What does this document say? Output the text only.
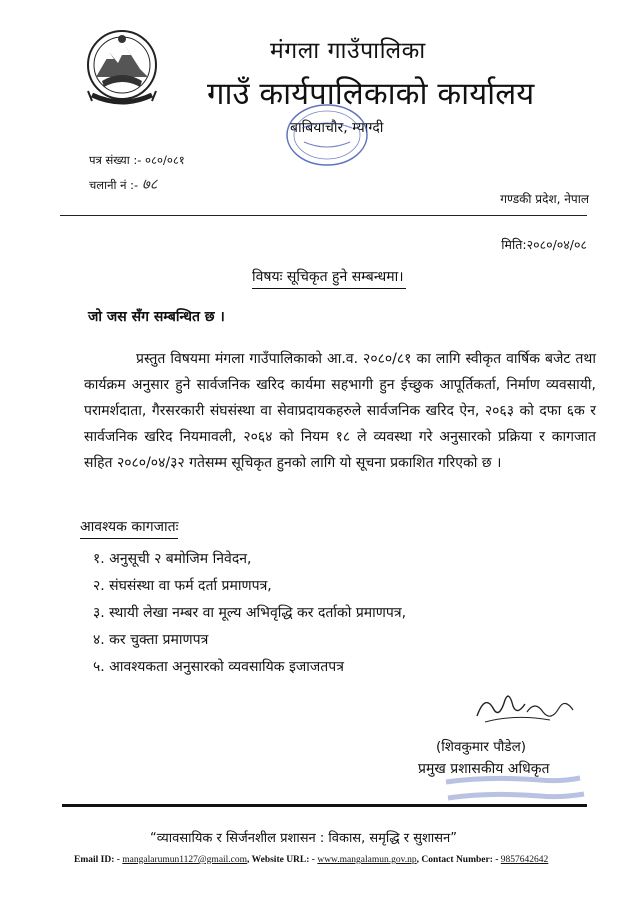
मंगला गाउँपालिका
गाउँ कार्यपालिकाको कार्यालय
बाबियाचौर, म्याग्दी
पत्र संख्या :- ०८०/०८१
चलानी नं :- ७८
गण्डकी प्रदेश, नेपाल
मिति:२०८०/०४/०८
विषयः सूचिकृत हुने सम्बन्धमा।
जो जस सँग सम्बन्धित छ ।
प्रस्तुत विषयमा मंगला गाउँपालिकाको आ.व. २०८०/८१ का लागि स्वीकृत वार्षिक बजेट तथा कार्यक्रम अनुसार हुने सार्वजनिक खरिद कार्यमा सहभागी हुन ईच्छुक आपूर्तिकर्ता, निर्माण व्यवसायी, परामर्शदाता, गैरसरकारी संघसंस्था वा सेवाप्रदायकहरुले सार्वजनिक खरिद ऐन, २०६३ को दफा ६क र सार्वजनिक खरिद नियमावली, २०६४ को नियम १८ ले व्यवस्था गरे अनुसारको प्रक्रिया र कागजात सहित २०८०/०४/३२ गतेसम्म सूचिकृत हुनको लागि यो सूचना प्रकाशित गरिएको छ ।
आवश्यक कागजातः
१. अनुसूची २ बमोजिम निवेदन,
२. संघसंस्था वा फर्म दर्ता प्रमाणपत्र,
३. स्थायी लेखा नम्बर वा मूल्य अभिवृद्धि कर दर्ताको प्रमाणपत्र,
४. कर चुक्ता प्रमाणपत्र
५. आवश्यकता अनुसारको व्यवसायिक इजाजतपत्र
(शिवकुमार पौडेल)
प्रमुख प्रशासकीय अधिकृत
“व्यावसायिक र सिर्जनशील प्रशासन : विकास, समृद्धि र सुशासन”
Email ID: - mangalarumun1127@gmail.com, Website URL: - www.mangalamun.gov.np, Contact Number: - 9857642642
